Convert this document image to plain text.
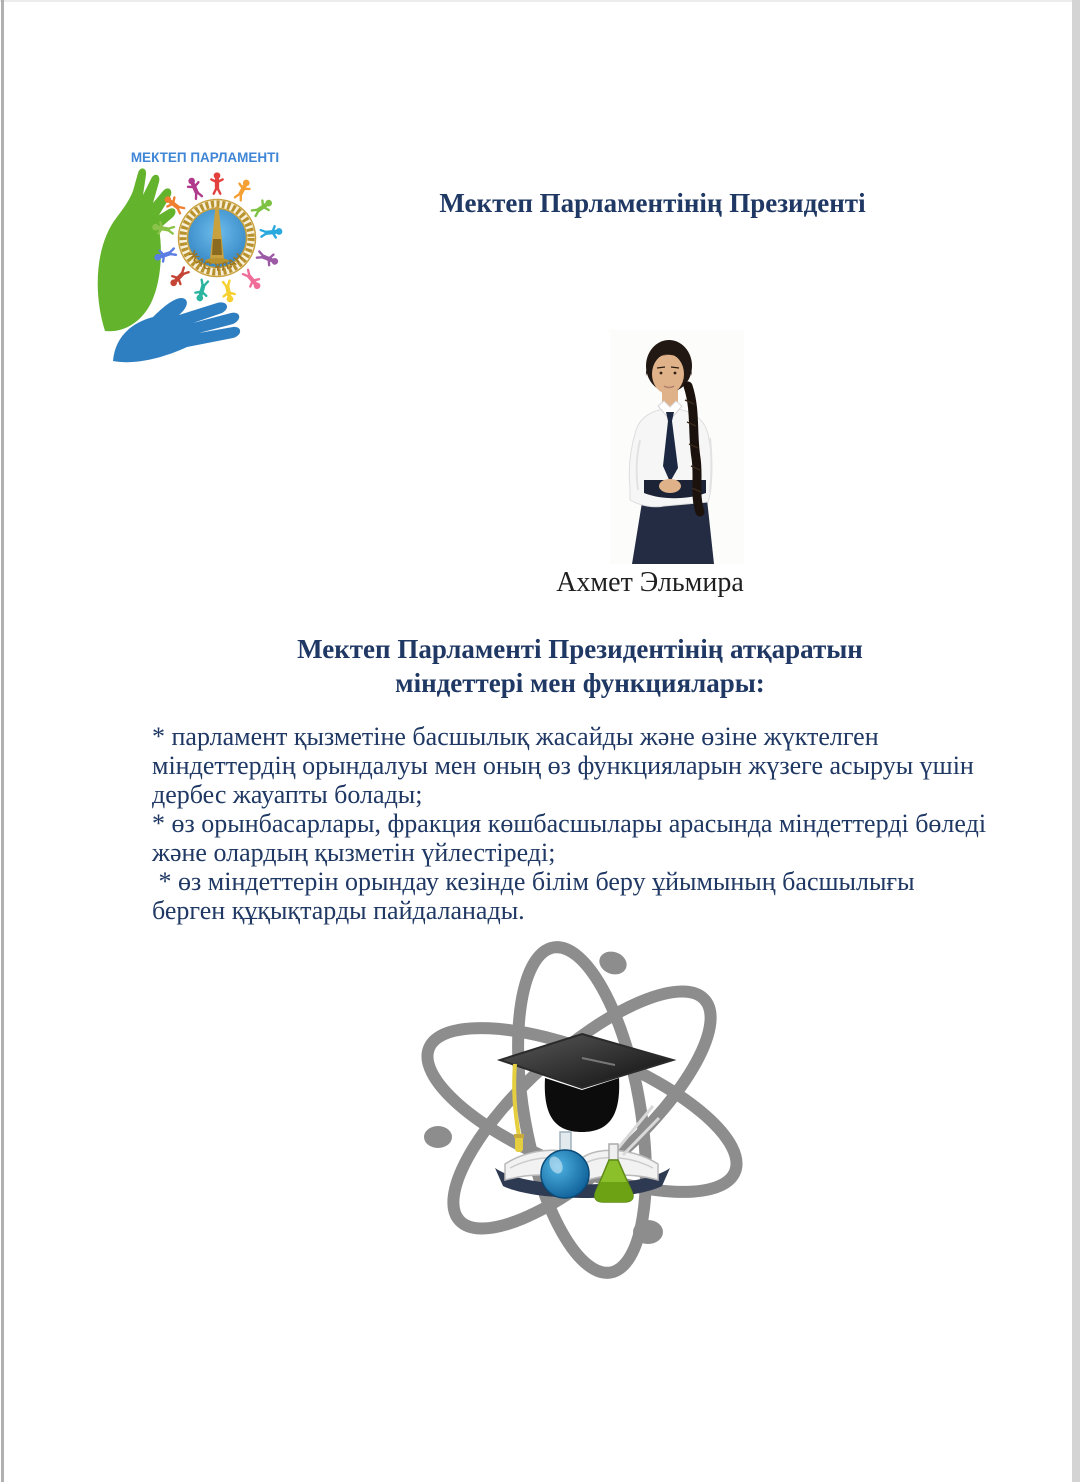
МЕКТЕП ПАРЛАМЕНТІ
ЖАС ҰЛАН
Мектеп Парламентінің Президенті
Ахмет Эльмира
Мектеп Парламенті Президентінің атқаратын
міндеттері мен функциялары:

* парламент қызметіне басшылық жасайды және өзіне жүктелген міндеттердің орындалуы мен оның өз функцияларын жүзеге асыруы үшін дербес жауапты болады;

* өз орынбасарлары, фракция көшбасшылары арасында міндеттерді бөледі және олардың қызметін үйлестіреді;

* өз міндеттерін орындау кезінде білім беру ұйымының басшылығы берген құқықтарды пайдаланады.
